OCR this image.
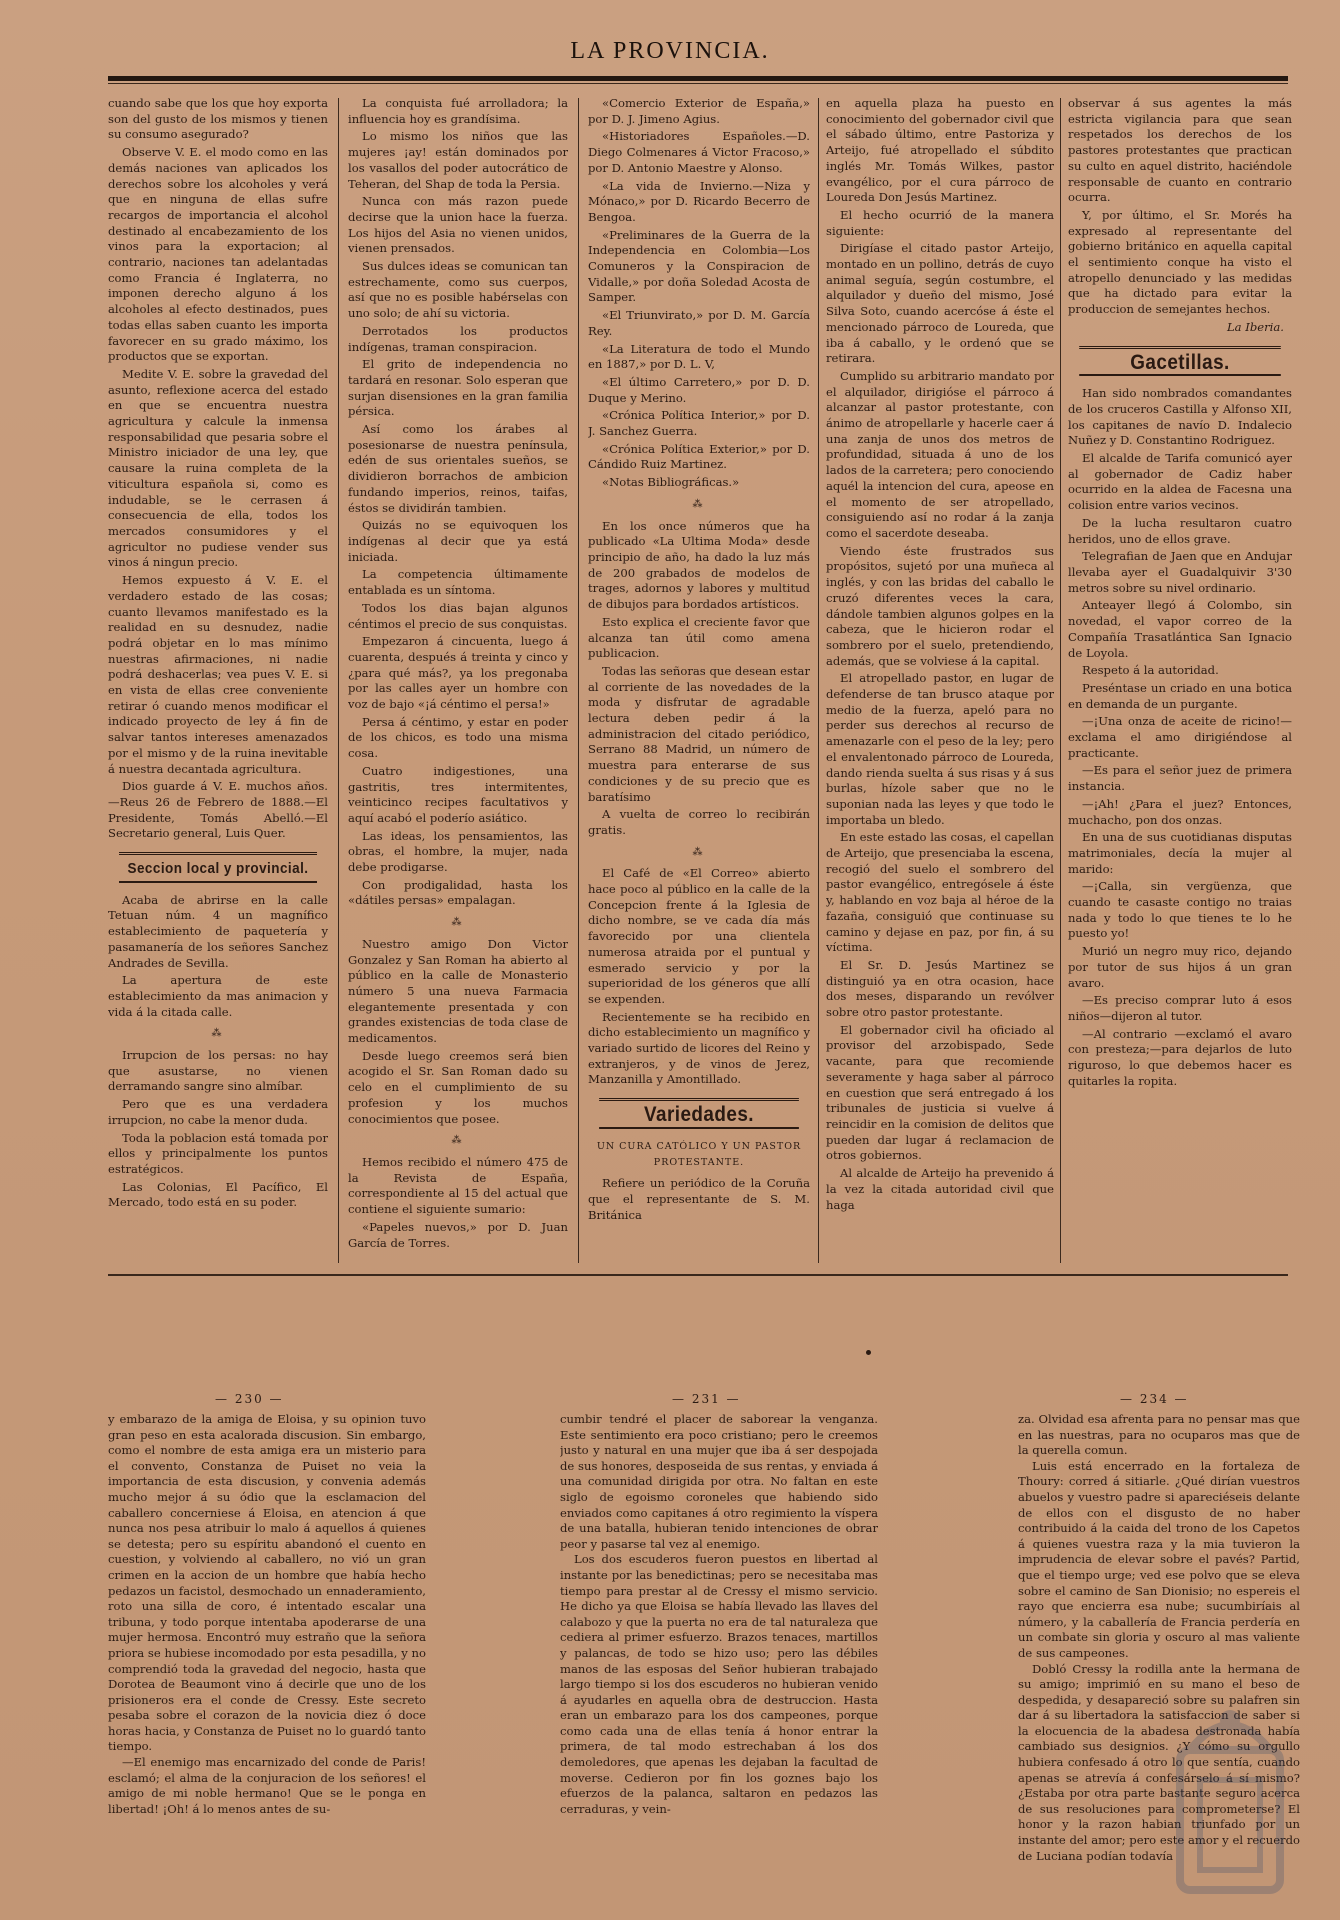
LA PROVINCIA.

cuando sabe que los que hoy exporta son del gusto de los mismos y tienen su consumo asegurado?

Observe V. E. el modo como en las demás naciones van aplicados los derechos sobre los alcoholes y verá que en ninguna de ellas sufre recargos de importancia el alcohol destinado al encabezamiento de los vinos para la exportacion; al contrario, naciones tan adelantadas como Francia é Inglaterra, no imponen derecho alguno á los alcoholes al efecto destinados, pues todas ellas saben cuanto les importa favorecer en su grado máximo, los productos que se exportan.

Medite V. E. sobre la gravedad del asunto, reflexione acerca del estado en que se encuentra nuestra agricultura y calcule la inmensa responsabilidad que pesaria sobre el Ministro iniciador de una ley, que causare la ruina completa de la viticultura española si, como es indudable, se le cerrasen á consecuencia de ella, todos los mercados consumidores y el agricultor no pudiese vender sus vinos á ningun precio.

Hemos expuesto á V. E. el verdadero estado de las cosas; cuanto llevamos manifestado es la realidad en su desnudez, nadie podrá objetar en lo mas mínimo nuestras afirmaciones, ni nadie podrá deshacerlas; vea pues V. E. si en vista de ellas cree conveniente retirar ó cuando menos modificar el indicado proyecto de ley á fin de salvar tantos intereses amenazados por el mismo y de la ruina inevitable á nuestra decantada agricultura.

Dios guarde á V. E. muchos años.—Reus 26 de Febrero de 1888.—El Presidente, Tomás Abelló.—El Secretario general, Luis Quer.

Seccion local y provincial.

Acaba de abrirse en la calle Tetuan núm. 4 un magnífico establecimiento de paquetería y pasamanería de los señores Sanchez Andrades de Sevilla.

La apertura de este establecimiento da mas animacion y vida á la citada calle.

⁂

Irrupcion de los persas: no hay que asustarse, no vienen derramando sangre sino almíbar.

Pero que es una verdadera irrupcion, no cabe la menor duda.

Toda la poblacion está tomada por ellos y principalmente los puntos estratégicos.

Las Colonias, El Pacífico, El Mercado, todo está en su poder.

La conquista fué arrolladora; la influencia hoy es grandísima.

Lo mismo los niños que las mujeres ¡ay! están dominados por los vasallos del poder autocrático de Teheran, del Shap de toda la Persia.

Nunca con más razon puede decirse que la union hace la fuerza. Los hijos del Asia no vienen unidos, vienen prensados.

Sus dulces ideas se comunican tan estrechamente, como sus cuerpos, así que no es posible habérselas con uno solo; de ahí su victoria.

Derrotados los productos indígenas, traman conspiracion.

El grito de independencia no tardará en resonar. Solo esperan que surjan disensiones en la gran familia pérsica.

Así como los árabes al posesionarse de nuestra península, edén de sus orientales sueños, se dividieron borrachos de ambicion fundando imperios, reinos, taifas, éstos se dividirán tambien.

Quizás no se equivoquen los indígenas al decir que ya está iniciada.

La competencia últimamente entablada es un síntoma.

Todos los dias bajan algunos céntimos el precio de sus conquistas.

Empezaron á cincuenta, luego á cuarenta, después á treinta y cinco y ¿para qué más?, ya los pregonaba por las calles ayer un hombre con voz de bajo «¡á céntimo el persa!»

Persa á céntimo, y estar en poder de los chicos, es todo una misma cosa.

Cuatro indigestiones, una gastritis, tres intermitentes, veinticinco recipes facultativos y aquí acabó el poderío asiático.

Las ideas, los pensamientos, las obras, el hombre, la mujer, nada debe prodigarse.

Con prodigalidad, hasta los «dátiles persas» empalagan.

⁂

Nuestro amigo Don Victor Gonzalez y San Roman ha abierto al público en la calle de Monasterio número 5 una nueva Farmacia elegantemente presentada y con grandes existencias de toda clase de medicamentos.

Desde luego creemos será bien acogido el Sr. San Roman dado su celo en el cumplimiento de su profesion y los muchos conocimientos que posee.

⁂

Hemos recibido el número 475 de la Revista de España, correspondiente al 15 del actual que contiene el siguiente sumario:

«Papeles nuevos,» por D. Juan García de Torres.

«Comercio Exterior de España,» por D. J. Jimeno Agius.

«Historiadores Españoles.—D. Diego Colmenares á Victor Fracoso,» por D. Antonio Maestre y Alonso.

«La vida de Invierno.—Niza y Mónaco,» por D. Ricardo Becerro de Bengoa.

«Preliminares de la Guerra de la Independencia en Colombia—Los Comuneros y la Conspiracion de Vidalle,» por doña Soledad Acosta de Samper.

«El Triunvirato,» por D. M. García Rey.

«La Literatura de todo el Mundo en 1887,» por D. L. V,

«El último Carretero,» por D. D. Duque y Merino.

«Crónica Política Interior,» por D. J. Sanchez Guerra.

«Crónica Política Exterior,» por D. Cándido Ruiz Martinez.

«Notas Bibliográficas.»

⁂

En los once números que ha publicado «La Ultima Moda» desde principio de año, ha dado la luz más de 200 grabados de modelos de trages, adornos y labores y multitud de dibujos para bordados artísticos.

Esto explica el creciente favor que alcanza tan útil como amena publicacion.

Todas las señoras que desean estar al corriente de las novedades de la moda y disfrutar de agradable lectura deben pedir á la administracion del citado periódico, Serrano 88 Madrid, un número de muestra para enterarse de sus condiciones y de su precio que es baratísimo

A vuelta de correo lo recibirán gratis.

⁂

El Café de «El Correo» abierto hace poco al público en la calle de la Concepcion frente á la Iglesia de dicho nombre, se ve cada día más favorecido por una clientela numerosa atraida por el puntual y esmerado servicio y por la superioridad de los géneros que allí se expenden.

Recientemente se ha recibido en dicho establecimiento un magnífico y variado surtido de licores del Reino y extranjeros, y de vinos de Jerez, Manzanilla y Amontillado.

Variedades.
UN CURA CATÓLICO Y UN PASTOR PROTESTANTE.

Refiere un periódico de la Coruña que el representante de S. M. Británica

en aquella plaza ha puesto en conocimiento del gobernador civil que el sábado último, entre Pastoriza y Arteijo, fué atropellado el súbdito inglés Mr. Tomás Wilkes, pastor evangélico, por el cura párroco de Loureda Don Jesús Martinez.

El hecho ocurrió de la manera siguiente:

Dirigíase el citado pastor Arteijo, montado en un pollino, detrás de cuyo animal seguía, según costumbre, el alquilador y dueño del mismo, José Silva Soto, cuando acercóse á éste el mencionado párroco de Loureda, que iba á caballo, y le ordenó que se retirara.

Cumplido su arbitrario mandato por el alquilador, dirigióse el párroco á alcanzar al pastor protestante, con ánimo de atropellarle y hacerle caer á una zanja de unos dos metros de profundidad, situada á uno de los lados de la carretera; pero conociendo aquél la intencion del cura, apeose en el momento de ser atropellado, consiguiendo así no rodar á la zanja como el sacerdote deseaba.

Viendo éste frustrados sus propósitos, sujetó por una muñeca al inglés, y con las bridas del caballo le cruzó diferentes veces la cara, dándole tambien algunos golpes en la cabeza, que le hicieron rodar el sombrero por el suelo, pretendiendo, además, que se volviese á la capital.

El atropellado pastor, en lugar de defenderse de tan brusco ataque por medio de la fuerza, apeló para no perder sus derechos al recurso de amenazarle con el peso de la ley; pero el envalentonado párroco de Loureda, dando rienda suelta á sus risas y á sus burlas, hízole saber que no le suponian nada las leyes y que todo le importaba un bledo.

En este estado las cosas, el capellan de Arteijo, que presenciaba la escena, recogió del suelo el sombrero del pastor evangélico, entregósele á éste y, hablando en voz baja al héroe de la fazaña, consiguió que continuase su camino y dejase en paz, por fin, á su víctima.

El Sr. D. Jesús Martinez se distinguió ya en otra ocasion, hace dos meses, disparando un revólver sobre otro pastor protestante.

El gobernador civil ha oficiado al provisor del arzobispado, Sede vacante, para que recomiende severamente y haga saber al párroco en cuestion que será entregado á los tribunales de justicia si vuelve á reincidir en la comision de delitos que pueden dar lugar á reclamacion de otros gobiernos.

Al alcalde de Arteijo ha prevenido á la vez la citada autoridad civil que haga

observar á sus agentes la más estricta vigilancia para que sean respetados los derechos de los pastores protestantes que practican su culto en aquel distrito, haciéndole responsable de cuanto en contrario ocurra.

Y, por último, el Sr. Morés ha expresado al representante del gobierno británico en aquella capital el sentimiento conque ha visto el atropello denunciado y las medidas que ha dictado para evitar la produccion de semejantes hechos.

La Iberia.

Gacetillas.

Han sido nombrados comandantes de los cruceros Castilla y Alfonso XII, los capitanes de navío D. Indalecio Nuñez y D. Constantino Rodriguez.

El alcalde de Tarifa comunicó ayer al gobernador de Cadiz haber ocurrido en la aldea de Facesna una colision entre varios vecinos.

De la lucha resultaron cuatro heridos, uno de ellos grave.

Telegrafian de Jaen que en Andujar llevaba ayer el Guadalquivir 3'30 metros sobre su nivel ordinario.

Anteayer llegó á Colombo, sin novedad, el vapor correo de la Compañía Trasatlántica San Ignacio de Loyola.

Respeto á la autoridad.

Preséntase un criado en una botica en demanda de un purgante.

—¡Una onza de aceite de ricino!—exclama el amo dirigiéndose al practicante.

—Es para el señor juez de primera instancia.

—¡Ah! ¿Para el juez? Entonces, muchacho, pon dos onzas.

En una de sus cuotidianas disputas matrimoniales, decía la mujer al marido:

—¡Calla, sin vergüenza, que cuando te casaste contigo no traias nada y todo lo que tienes te lo he puesto yo!

Murió un negro muy rico, dejando por tutor de sus hijos á un gran avaro.

—Es preciso comprar luto á esos niños—dijeron al tutor.

—Al contrario —exclamó el avaro con presteza;—para dejarlos de luto riguroso, lo que debemos hacer es quitarles la ropita.

— 230 —	— 231 —	— 234 —

y embarazo de la amiga de Eloisa, y su opinion tuvo gran peso en esta acalorada discusion. Sin embargo, como el nombre de esta amiga era un misterio para el convento, Constanza de Puiset no veia la importancia de esta discusion, y convenia además mucho mejor á su ódio que la esclamacion del caballero concerniese á Eloisa, en atencion á que nunca nos pesa atribuir lo malo á aquellos á quienes se detesta; pero su espíritu abandonó el cuento en cuestion, y volviendo al caballero, no vió un gran crimen en la accion de un hombre que había hecho pedazos un facistol, desmochado un ennaderamiento, roto una silla de coro, é intentado escalar una tribuna, y todo porque intentaba apoderarse de una mujer hermosa. Encontró muy estraño que la señora priora se hubiese incomodado por esta pesadilla, y no comprendió toda la gravedad del negocio, hasta que Dorotea de Beaumont vino á decirle que uno de los prisioneros era el conde de Cressy. Este secreto pesaba sobre el corazon de la novicia diez ó doce horas hacia, y Constanza de Puiset no lo guardó tanto tiempo.

—El enemigo mas encarnizado del conde de Paris! esclamó; el alma de la conjuracion de los señores! el amigo de mi noble hermano! Que se le ponga en libertad! ¡Oh! á lo menos antes de su-

cumbir tendré el placer de saborear la venganza. Este sentimiento era poco cristiano; pero le creemos justo y natural en una mujer que iba á ser despojada de sus honores, desposeida de sus rentas, y enviada á una comunidad dirigida por otra. No faltan en este siglo de egoismo coroneles que habiendo sido enviados como capitanes á otro regimiento la víspera de una batalla, hubieran tenido intenciones de obrar peor y pasarse tal vez al enemigo.

Los dos escuderos fueron puestos en libertad al instante por las benedictinas; pero se necesitaba mas tiempo para prestar al de Cressy el mismo servicio. He dicho ya que Eloisa se había llevado las llaves del calabozo y que la puerta no era de tal naturaleza que cediera al primer esfuerzo. Brazos tenaces, martillos y palancas, de todo se hizo uso; pero las débiles manos de las esposas del Señor hubieran trabajado largo tiempo si los dos escuderos no hubieran venido á ayudarles en aquella obra de destruccion. Hasta eran un embarazo para los dos campeones, porque como cada una de ellas tenía á honor entrar la primera, de tal modo estrechaban á los dos demoledores, que apenas les dejaban la facultad de moverse. Cedieron por fin los goznes bajo los efuerzos de la palanca, saltaron en pedazos las cerraduras, y vein-

za. Olvidad esa afrenta para no pensar mas que en las nuestras, para no ocuparos mas que de la querella comun.

Luis está encerrado en la fortaleza de Thoury: corred á sitiarle. ¿Qué dirían vuestros abuelos y vuestro padre si apareciéseis delante de ellos con el disgusto de no haber contribuido á la caida del trono de los Capetos á quienes vuestra raza y la mia tuvieron la imprudencia de elevar sobre el pavés? Partid, que el tiempo urge; ved ese polvo que se eleva sobre el camino de San Dionisio; no espereis el rayo que encierra esa nube; sucumbiríais al número, y la caballería de Francia perdería en un combate sin gloria y oscuro al mas valiente de sus campeones.

Dobló Cressy la rodilla ante la hermana de su amigo; imprimió en su mano el beso de despedida, y desapareció sobre su palafren sin dar á su libertadora la satisfaccion de saber si la elocuencia de la abadesa destronada había cambiado sus designios. ¿Y cómo su orgullo hubiera confesado á otro lo que sentía, cuando apenas se atrevía á confesárselo á sí mismo? ¿Estaba por otra parte bastante seguro acerca de sus resoluciones para comprometerse? El honor y la razon habian triunfado por un instante del amor; pero este amor y el recuerdo de Luciana podían todavía
